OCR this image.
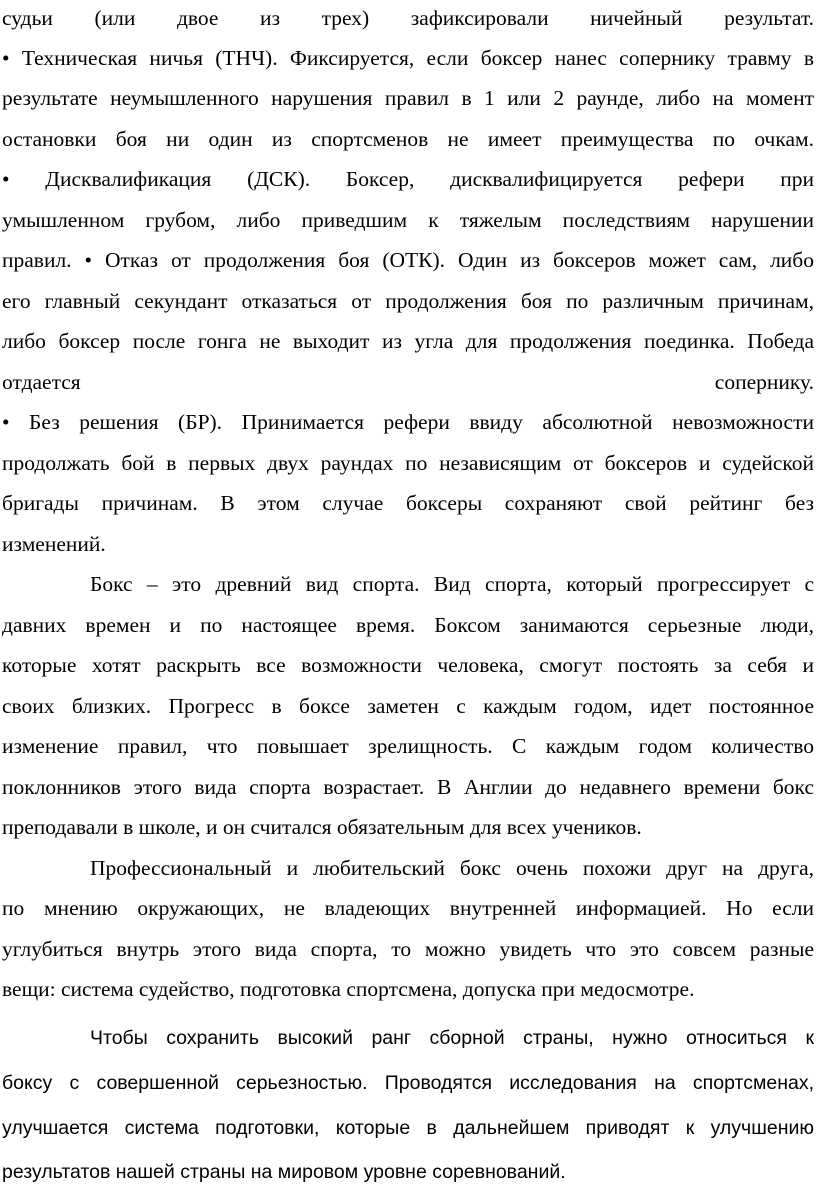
судьи (или двое из трех) зафиксировали ничейный результат.
• Техническая ничья (ТНЧ). Фиксируется, если боксер нанес сопернику травму в
результате неумышленного нарушения правил в 1 или 2 раунде, либо на момент
остановки боя ни один из спортсменов не имеет преимущества по очкам.
• Дисквалификация (ДСК). Боксер, дисквалифицируется рефери при
умышленном грубом, либо приведшим к тяжелым последствиям нарушении
правил. • Отказ от продолжения боя (ОТК). Один из боксеров может сам, либо
его главный секундант отказаться от продолжения боя по различным причинам,
либо боксер после гонга не выходит из угла для продолжения поединка. Победа
отдается сопернику.
• Без решения (БР). Принимается рефери ввиду абсолютной невозможности
продолжать бой в первых двух раундах по независящим от боксеров и судейской
бригады причинам. В этом случае боксеры сохраняют свой рейтинг без
изменений.
Бокс – это древний вид спорта. Вид спорта, который прогрессирует с
давних времен и по настоящее время. Боксом занимаются серьезные люди,
которые хотят раскрыть все возможности человека, смогут постоять за себя и
своих близких. Прогресс в боксе заметен с каждым годом, идет постоянное
изменение правил, что повышает зрелищность. С каждым годом количество
поклонников этого вида спорта возрастает. В Англии до недавнего времени бокс
преподавали в школе, и он считался обязательным для всех учеников.
Профессиональный и любительский бокс очень похожи друг на друга,
по мнению окружающих, не владеющих внутренней информацией. Но если
углубиться внутрь этого вида спорта, то можно увидеть что это совсем разные
вещи: система судейство, подготовка спортсмена, допуска при медосмотре.
Чтобы сохранить высокий ранг сборной страны, нужно относиться к
боксу с совершенной серьезностью. Проводятся исследования на спортсменах,
улучшается система подготовки, которые в дальнейшем приводят к улучшению
результатов нашей страны на мировом уровне соревнований.
